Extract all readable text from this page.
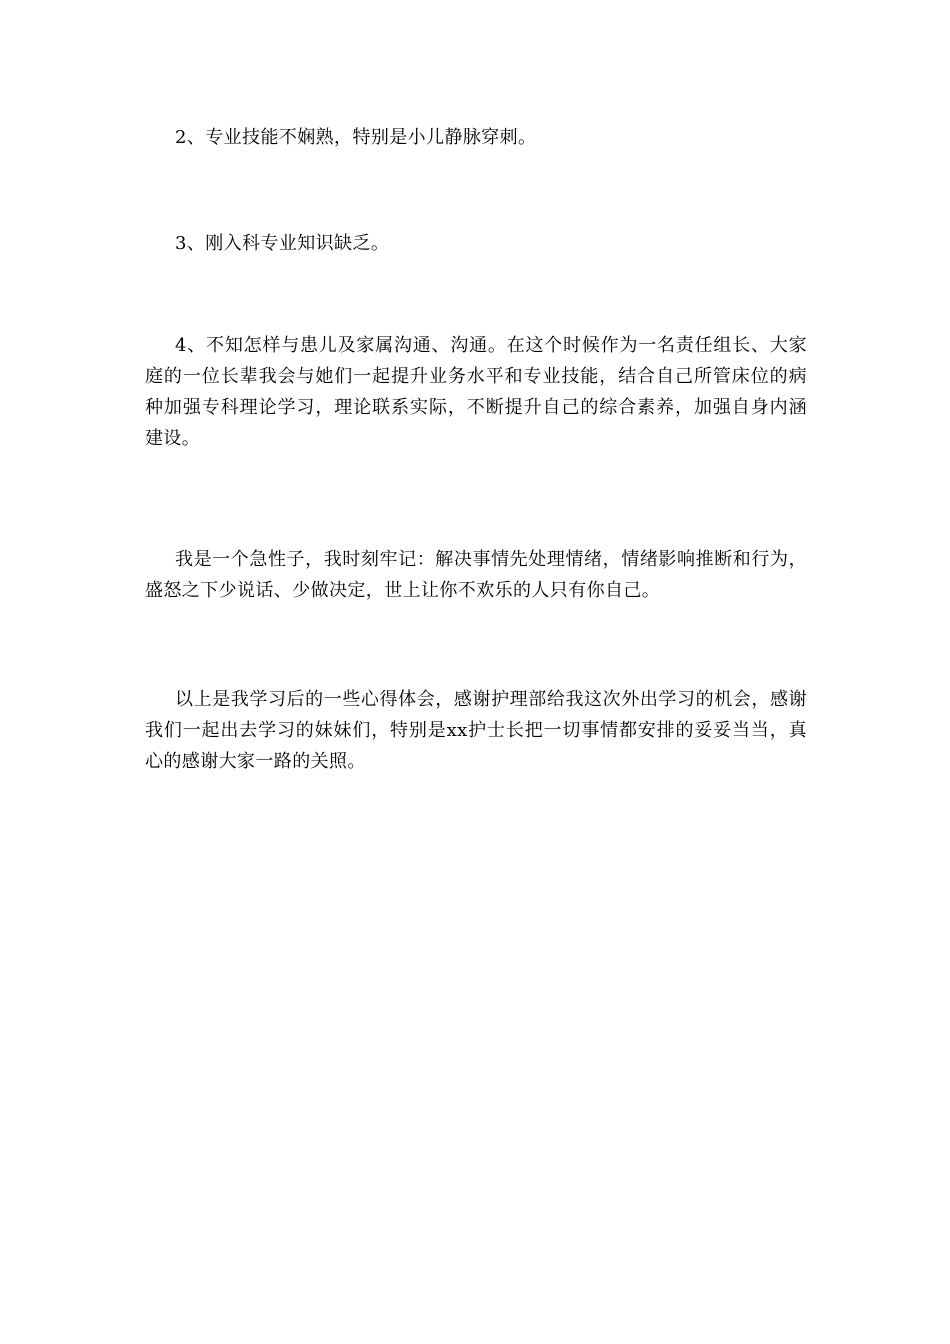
2、专业技能不娴熟，特别是小儿静脉穿刺。

3、刚入科专业知识缺乏。

4、不知怎样与患儿及家属沟通、沟通。在这个时候作为一名责任组长、大家庭的一位长辈我会与她们一起提升业务水平和专业技能，结合自己所管床位的病种加强专科理论学习，理论联系实际，不断提升自己的综合素养，加强自身内涵建设。

我是一个急性子，我时刻牢记：解决事情先处理情绪，情绪影响推断和行为，盛怒之下少说话、少做决定，世上让你不欢乐的人只有你自己。

以上是我学习后的一些心得体会，感谢护理部给我这次外出学习的机会，感谢我们一起出去学习的妹妹们，特别是xx护士长把一切事情都安排的妥妥当当，真心的感谢大家一路的关照。
